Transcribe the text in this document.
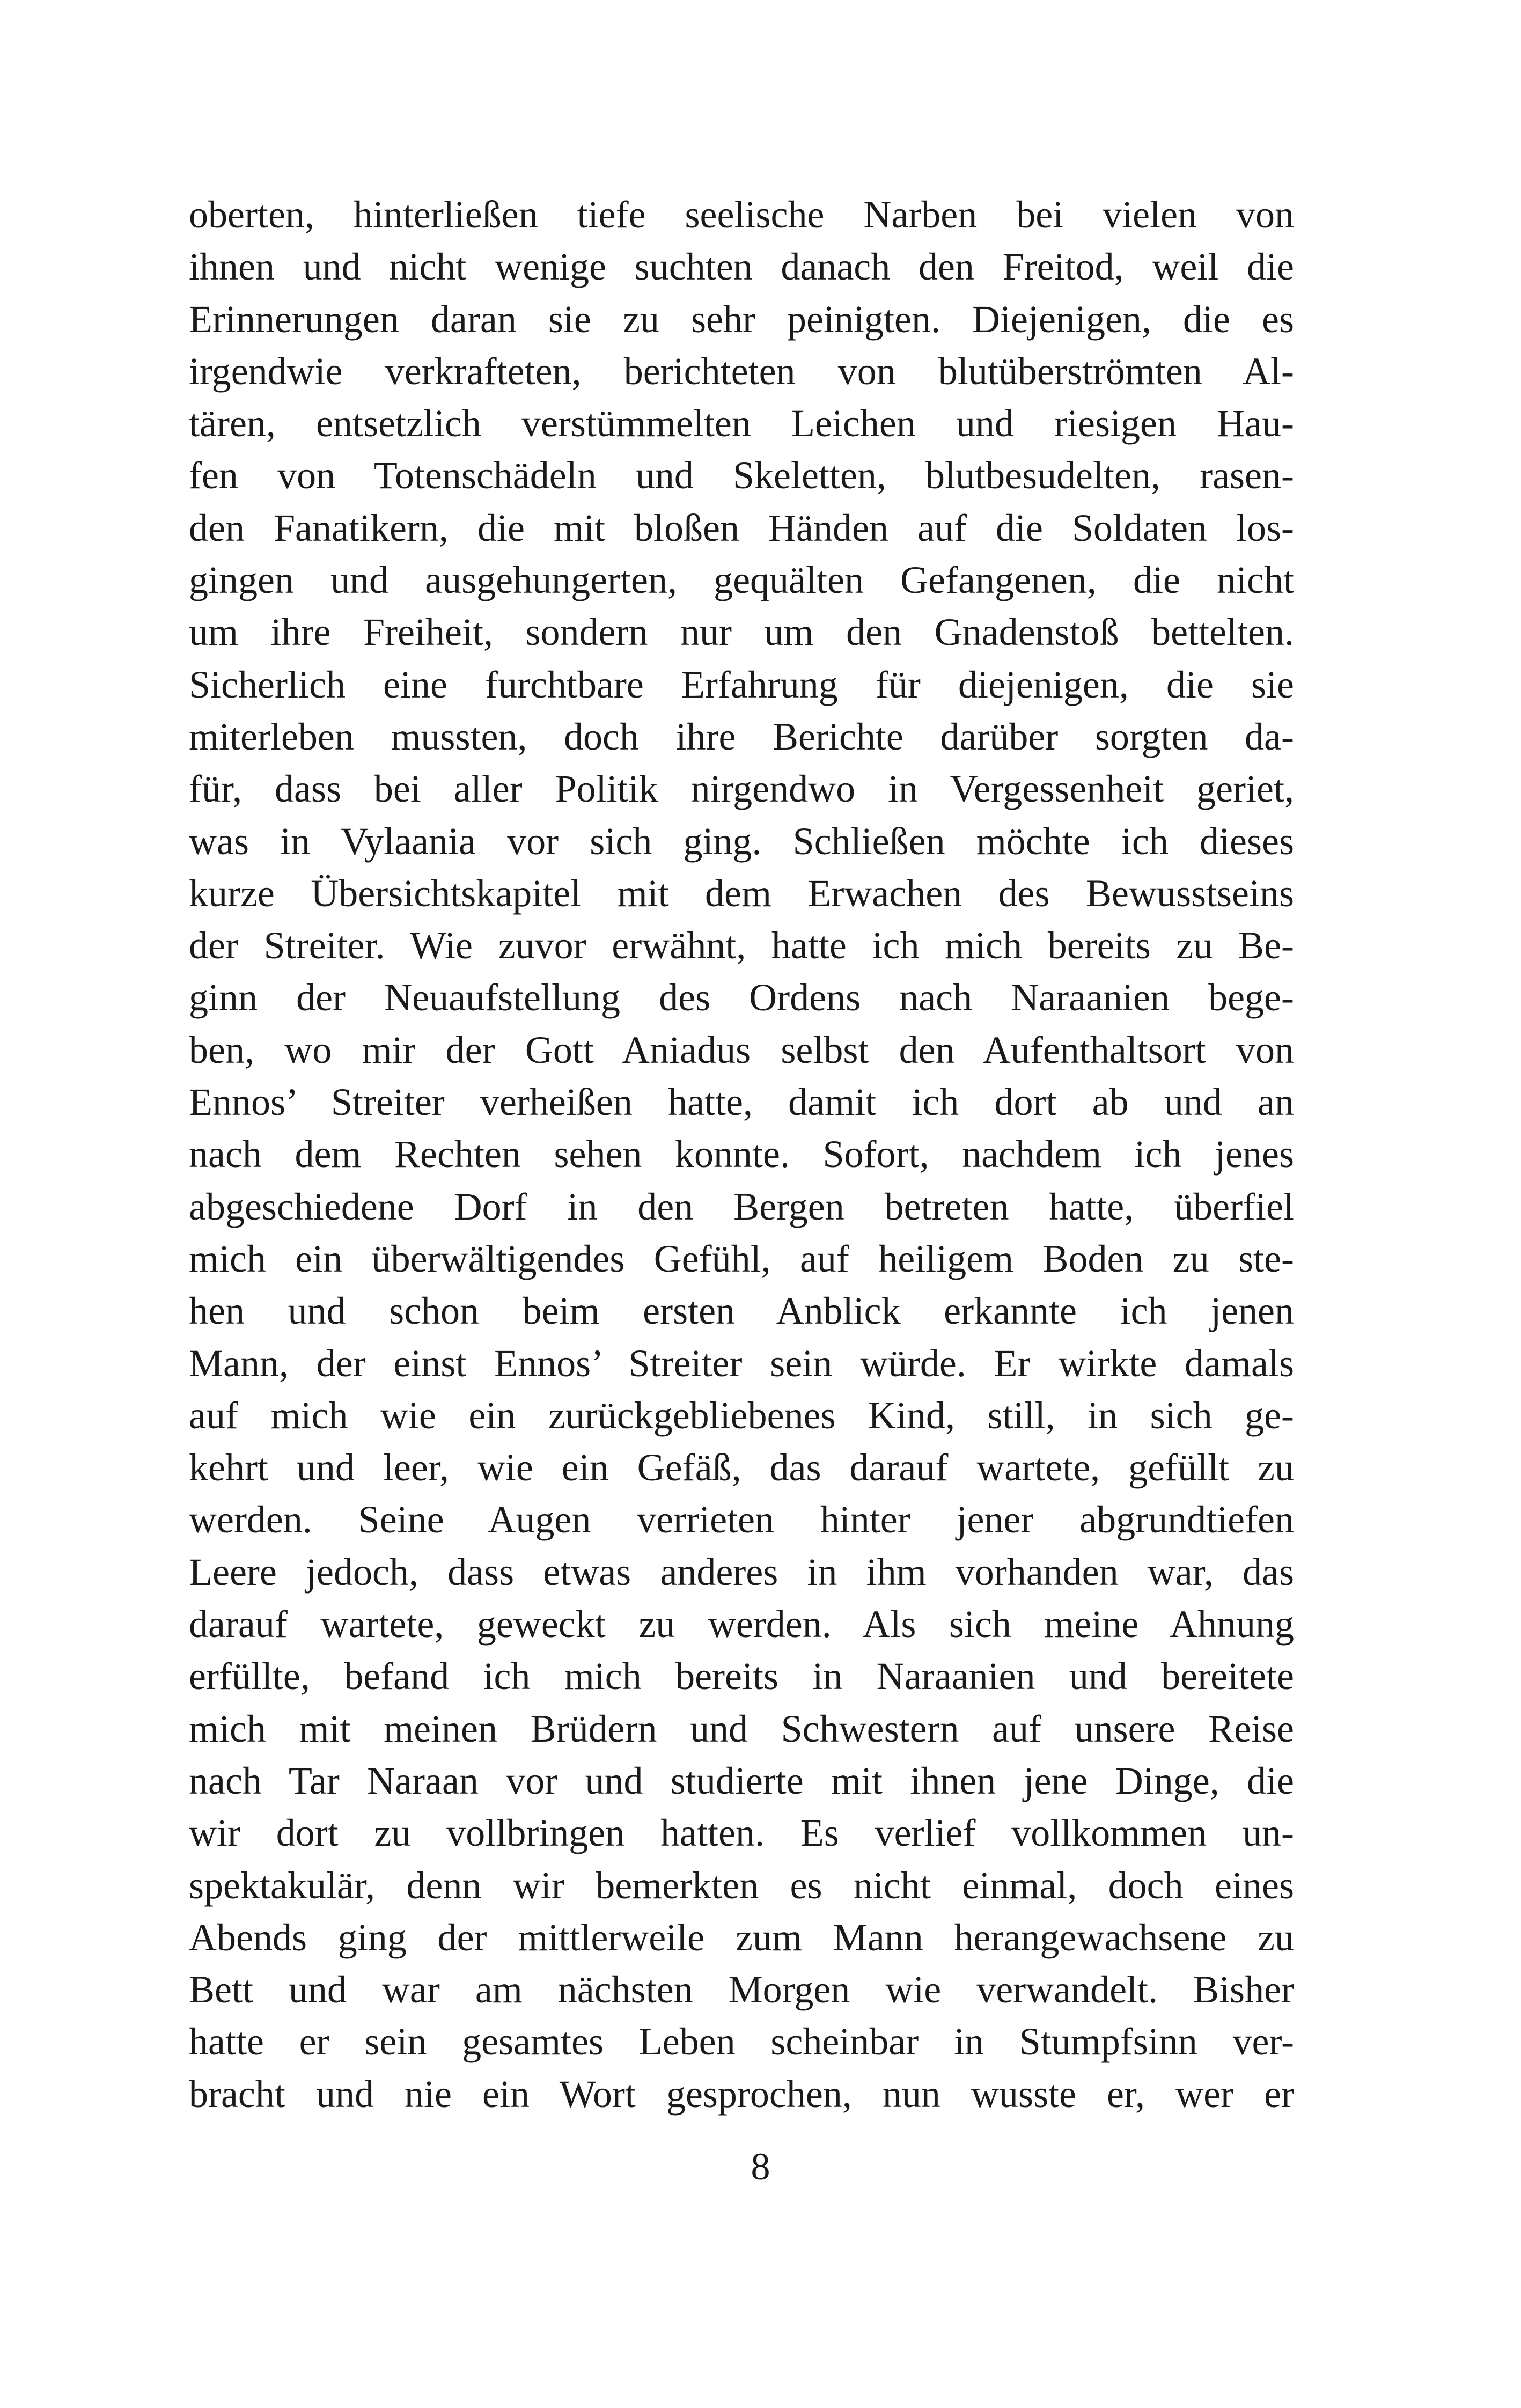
oberten, hinterließen tiefe seelische Narben bei vielen von
ihnen und nicht wenige suchten danach den Freitod, weil die
Erinnerungen daran sie zu sehr peinigten. Diejenigen, die es
irgendwie verkrafteten, berichteten von blutüberströmten Al-
tären, entsetzlich verstümmelten Leichen und riesigen Hau-
fen von Totenschädeln und Skeletten, blutbesudelten, rasen-
den Fanatikern, die mit bloßen Händen auf die Soldaten los-
gingen und ausgehungerten, gequälten Gefangenen, die nicht
um ihre Freiheit, sondern nur um den Gnadenstoß bettelten.
Sicherlich eine furchtbare Erfahrung für diejenigen, die sie
miterleben mussten, doch ihre Berichte darüber sorgten da-
für, dass bei aller Politik nirgendwo in Vergessenheit geriet,
was in Vylaania vor sich ging. Schließen möchte ich dieses
kurze Übersichtskapitel mit dem Erwachen des Bewusstseins
der Streiter. Wie zuvor erwähnt, hatte ich mich bereits zu Be-
ginn der Neuaufstellung des Ordens nach Naraanien bege-
ben, wo mir der Gott Aniadus selbst den Aufenthaltsort von
Ennos’ Streiter verheißen hatte, damit ich dort ab und an
nach dem Rechten sehen konnte. Sofort, nachdem ich jenes
abgeschiedene Dorf in den Bergen betreten hatte, überfiel
mich ein überwältigendes Gefühl, auf heiligem Boden zu ste-
hen und schon beim ersten Anblick erkannte ich jenen
Mann, der einst Ennos’ Streiter sein würde. Er wirkte damals
auf mich wie ein zurückgebliebenes Kind, still, in sich ge-
kehrt und leer, wie ein Gefäß, das darauf wartete, gefüllt zu
werden. Seine Augen verrieten hinter jener abgrundtiefen
Leere jedoch, dass etwas anderes in ihm vorhanden war, das
darauf wartete, geweckt zu werden. Als sich meine Ahnung
erfüllte, befand ich mich bereits in Naraanien und bereitete
mich mit meinen Brüdern und Schwestern auf unsere Reise
nach Tar Naraan vor und studierte mit ihnen jene Dinge, die
wir dort zu vollbringen hatten. Es verlief vollkommen un-
spektakulär, denn wir bemerkten es nicht einmal, doch eines
Abends ging der mittlerweile zum Mann herangewachsene zu
Bett und war am nächsten Morgen wie verwandelt. Bisher
hatte er sein gesamtes Leben scheinbar in Stumpfsinn ver-
bracht und nie ein Wort gesprochen, nun wusste er, wer er
8
